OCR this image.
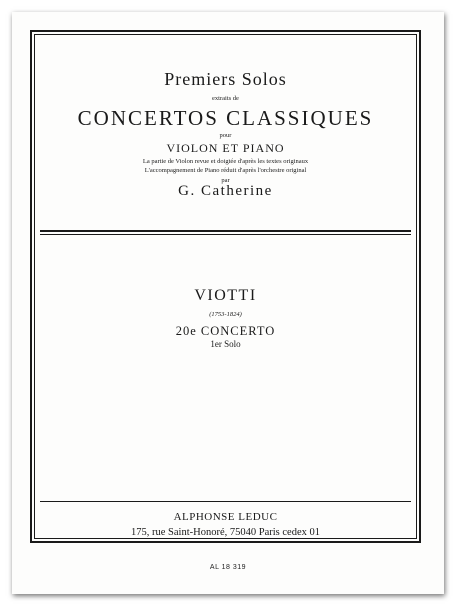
Premiers Solos
extraits de
CONCERTOS CLASSIQUES
pour
VIOLON ET PIANO
La partie de Violon revue et doigtée d'après les textes originaux
L'accompagnement de Piano réduit d'après l'orchestre original
par
G. Catherine
VIOTTI
(1753-1824)
20e CONCERTO
1er Solo
ALPHONSE LEDUC
175, rue Saint-Honoré, 75040 Paris cedex 01
AL 18 319
